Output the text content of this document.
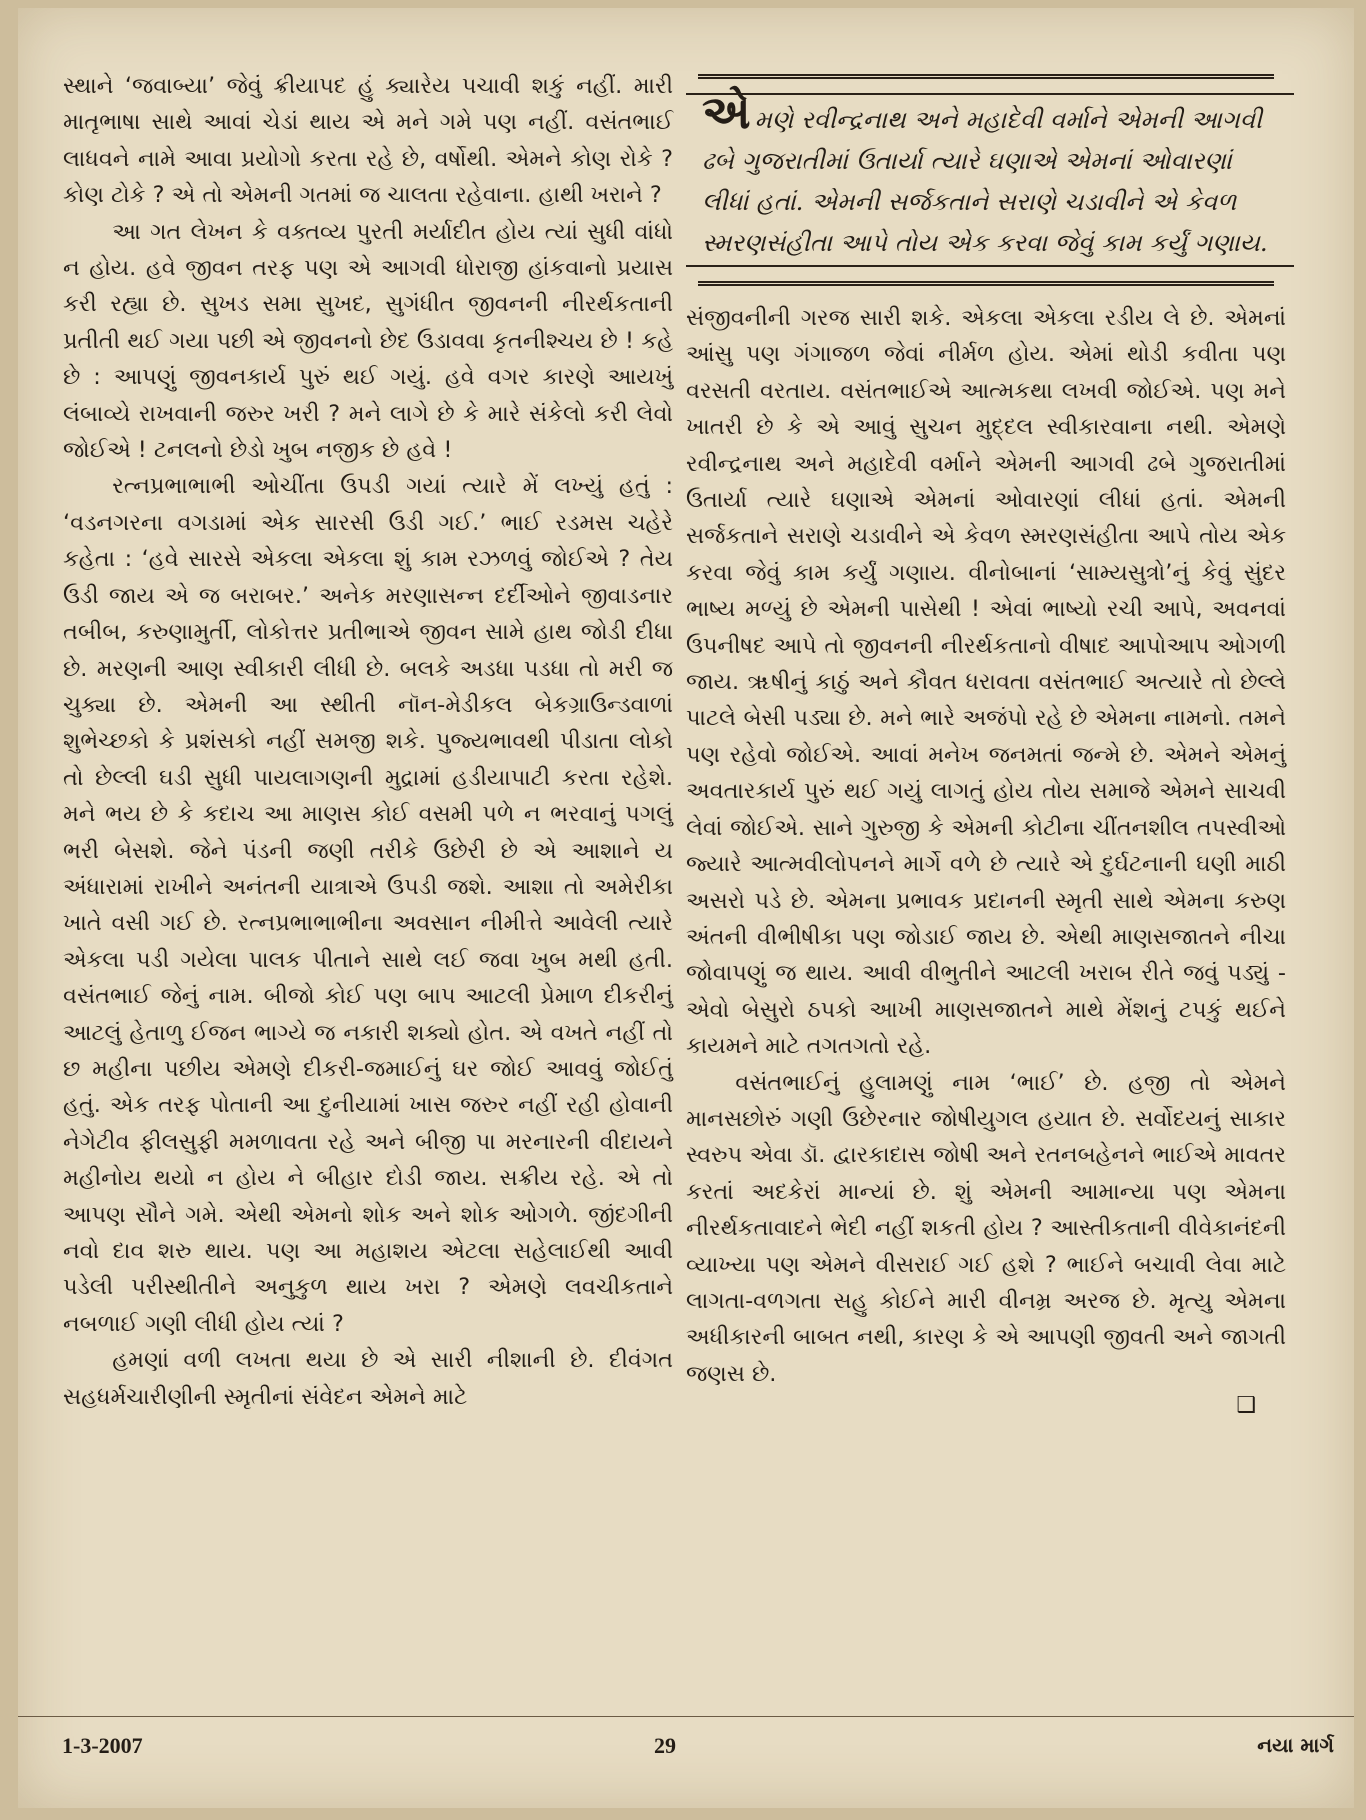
સ્થાને ‘જવાબ્યા’ જેવું ક્રીયાપદ હું ક્યારેય પચાવી શકું નહીં. મારી માતૃભાષા સાથે આવાં ચેડાં થાય એ મને ગમે પણ નહીં. વસંતભાઈ લાધવને નામે આવા પ્રયોગો કરતા રહે છે, વર્ષોથી. એમને કોણ રોકે ? કોણ ટોકે ? એ તો એમની ગતમાં જ ચાલતા રહેવાના. હાથી ખરાને ?

આ ગત લેખન કે વક્તવ્ય પુરતી મર્યાદીત હોય ત્યાં સુધી વાંધો ન હોય. હવે જીવન તરફ પણ એ આગવી ધોરાજી હાંકવાનો પ્રયાસ કરી રહ્યા છે. સુખડ સમા સુખદ, સુગંધીત જીવનની નીરર્થકતાની પ્રતીતી થઈ ગયા પછી એ જીવનનો છેદ ઉડાવવા કૃતનીશ્ચય છે ! કહે છે : આપણું જીવનકાર્ય પુરું થઈ ગયું. હવે વગર કારણે આયખું લંબાવ્યે રાખવાની જરુર ખરી ? મને લાગે છે કે મારે સંકેલો કરી લેવો જોઈએ ! ટનલનો છેડો ખુબ નજીક છે હવે !

રત્નપ્રભાભાભી ઓચીંતા ઉપડી ગયાં ત્યારે મેં લખ્યું હતું : ‘વડનગરના વગડામાં એક સારસી ઉડી ગઈ.’ ભાઈ રડમસ ચહેરે કહેતા : ‘હવે સારસે એકલા એકલા શું કામ રઝળવું જોઈએ ? તેય ઉડી જાય એ જ બરાબર.’ અનેક મરણાસન્ન દર્દીઓને જીવાડનાર તબીબ, કરુણામુર્તી, લોકોત્તર પ્રતીભાએ જીવન સામે હાથ જોડી દીધા છે. મરણની આણ સ્વીકારી લીધી છે. બલકે અડધા પડધા તો મરી જ ચુક્યા છે. એમની આ સ્થીતી નૉન-મેડીકલ બેકગ્રાઉન્ડવાળાં શુભેચ્છકો કે પ્રશંસકો નહીં સમજી શકે. પુજ્યભાવથી પીડાતા લોકો તો છેલ્લી ઘડી સુધી પાયલાગણની મુદ્રામાં હડીયાપાટી કરતા રહેશે. મને ભય છે કે કદાચ આ માણસ કોઈ વસમી પળે ન ભરવાનું પગલું ભરી બેસશે. જેને પંડની જણી તરીકે ઉછેરી છે એ આશાને ય અંધારામાં રાખીને અનંતની યાત્રાએ ઉપડી જશે. આશા તો અમેરીકા ખાતે વસી ગઈ છે. રત્નપ્રભાભાભીના અવસાન નીમીત્તે આવેલી ત્યારે એકલા પડી ગયેલા પાલક પીતાને સાથે લઈ જવા ખુબ મથી હતી. વસંતભાઈ જેનું નામ. બીજો કોઈ પણ બાપ આટલી પ્રેમાળ દીકરીનું આટલું હેતાળુ ઈજન ભાગ્યે જ નકારી શક્યો હોત. એ વખતે નહીં તો છ મહીના પછીય એમણે દીકરી-જમાઈનું ઘર જોઈ આવવું જોઈતું હતું. એક તરફ પોતાની આ દુનીયામાં ખાસ જરુર નહીં રહી હોવાની નેગેટીવ ફીલસુફી મમળાવતા રહે અને બીજી પા મરનારની વીદાયને મહીનોય થયો ન હોય ને બીહાર દોડી જાય. સક્રીય રહે. એ તો આપણ સૌને ગમે. એથી એમનો શોક અને શોક ઓગળે. જીંદગીની નવો દાવ શરુ થાય. પણ આ મહાશય એટલા સહેલાઈથી આવી પડેલી પરીસ્થીતીને અનુકુળ થાય ખરા ? એમણે લવચીકતાને નબળાઈ ગણી લીધી હોય ત્યાં ?

હમણાં વળી લખતા થયા છે એ સારી નીશાની છે. દીવંગત સહધર્મચારીણીની સ્મૃતીનાં સંવેદન એમને માટે

એમણે રવીન્દ્રનાથ અને મહાદેવી વર્માને એમની આગવી ઢબે ગુજરાતીમાં ઉતાર્યા ત્યારે ઘણાએ એમનાં ઓવારણાં લીધાં હતાં. એમની સર્જકતાને સરાણે ચડાવીને એ કેવળ સ્મરણસંહીતા આપે તોય એક કરવા જેવું કામ કર્યું ગણાય.

સંજીવનીની ગરજ સારી શકે. એકલા એકલા રડીય લે છે. એમનાં આંસુ પણ ગંગાજળ જેવાં નીર્મળ હોય. એમાં થોડી કવીતા પણ વરસતી વરતાય. વસંતભાઈએ આત્મકથા લખવી જોઈએ. પણ મને ખાતરી છે કે એ આવું સુચન મુદ્દલ સ્વીકારવાના નથી. એમણે રવીન્દ્રનાથ અને મહાદેવી વર્માને એમની આગવી ઢબે ગુજરાતીમાં ઉતાર્યા ત્યારે ઘણાએ એમનાં ઓવારણાં લીધાં હતાં. એમની સર્જકતાને સરાણે ચડાવીને એ કેવળ સ્મરણસંહીતા આપે તોય એક કરવા જેવું કામ કર્યું ગણાય. વીનોબાનાં ‘સામ્યસુત્રો’નું કેવું સુંદર ભાષ્ય મળ્યું છે એમની પાસેથી ! એવાં ભાષ્યો રચી આપે, અવનવાં ઉપનીષદ આપે તો જીવનની નીરર્થકતાનો વીષાદ આપોઆપ ઓગળી જાય. ૠષીનું કાઠું અને કૌવત ધરાવતા વસંતભાઈ અત્યારે તો છેલ્લે પાટલે બેસી પડ્યા છે. મને ભારે અજંપો રહે છે એમના નામનો. તમને પણ રહેવો જોઈએ. આવાં મનેખ જનમતાં જન્મે છે. એમને એમનું અવતારકાર્ય પુરું થઈ ગયું લાગતું હોય તોય સમાજે એમને સાચવી લેવાં જોઈએ. સાને ગુરુજી કે એમની કોટીના ચીંતનશીલ તપસ્વીઓ જ્યારે આત્મવીલોપનને માર્ગે વળે છે ત્યારે એ દુર્ઘટનાની ઘણી માઠી અસરો પડે છે. એમના પ્રભાવક પ્રદાનની સ્મૃતી સાથે એમના કરુણ અંતની વીભીષીકા પણ જોડાઈ જાય છે. એથી માણસજાતને નીચા જોવાપણું જ થાય. આવી વીભુતીને આટલી ખરાબ રીતે જવું પડ્યું - એવો બેસુરો ઠપકો આખી માણસજાતને માથે મેંશનું ટપકું થઈને કાયમને માટે તગતગતો રહે.

વસંતભાઈનું હુલામણું નામ ‘ભાઈ’ છે. હજી તો એમને માનસછોરું ગણી ઉછેરનાર જોષીયુગલ હયાત છે. સર્વોદયનું સાકાર સ્વરુપ એવા ડૉ. દ્વારકાદાસ જોષી અને રતનબહેનને ભાઈએ માવતર કરતાં અદકેરાં માન્યાં છે. શું એમની આમાન્યા પણ એમના નીરર્થકતાવાદને ભેદી નહીં શકતી હોય ? આસ્તીકતાની વીવેકાનંદની વ્યાખ્યા પણ એમને વીસરાઈ ગઈ હશે ? ભાઈને બચાવી લેવા માટે લાગતા-વળગતા સહુ કોઈને મારી વીનમ્ર અરજ છે. મૃત્યુ એમના અધીકારની બાબત નથી, કારણ કે એ આપણી જીવતી અને જાગતી જણસ છે.

❑
1-3-2007	29	નયા માર્ગ
